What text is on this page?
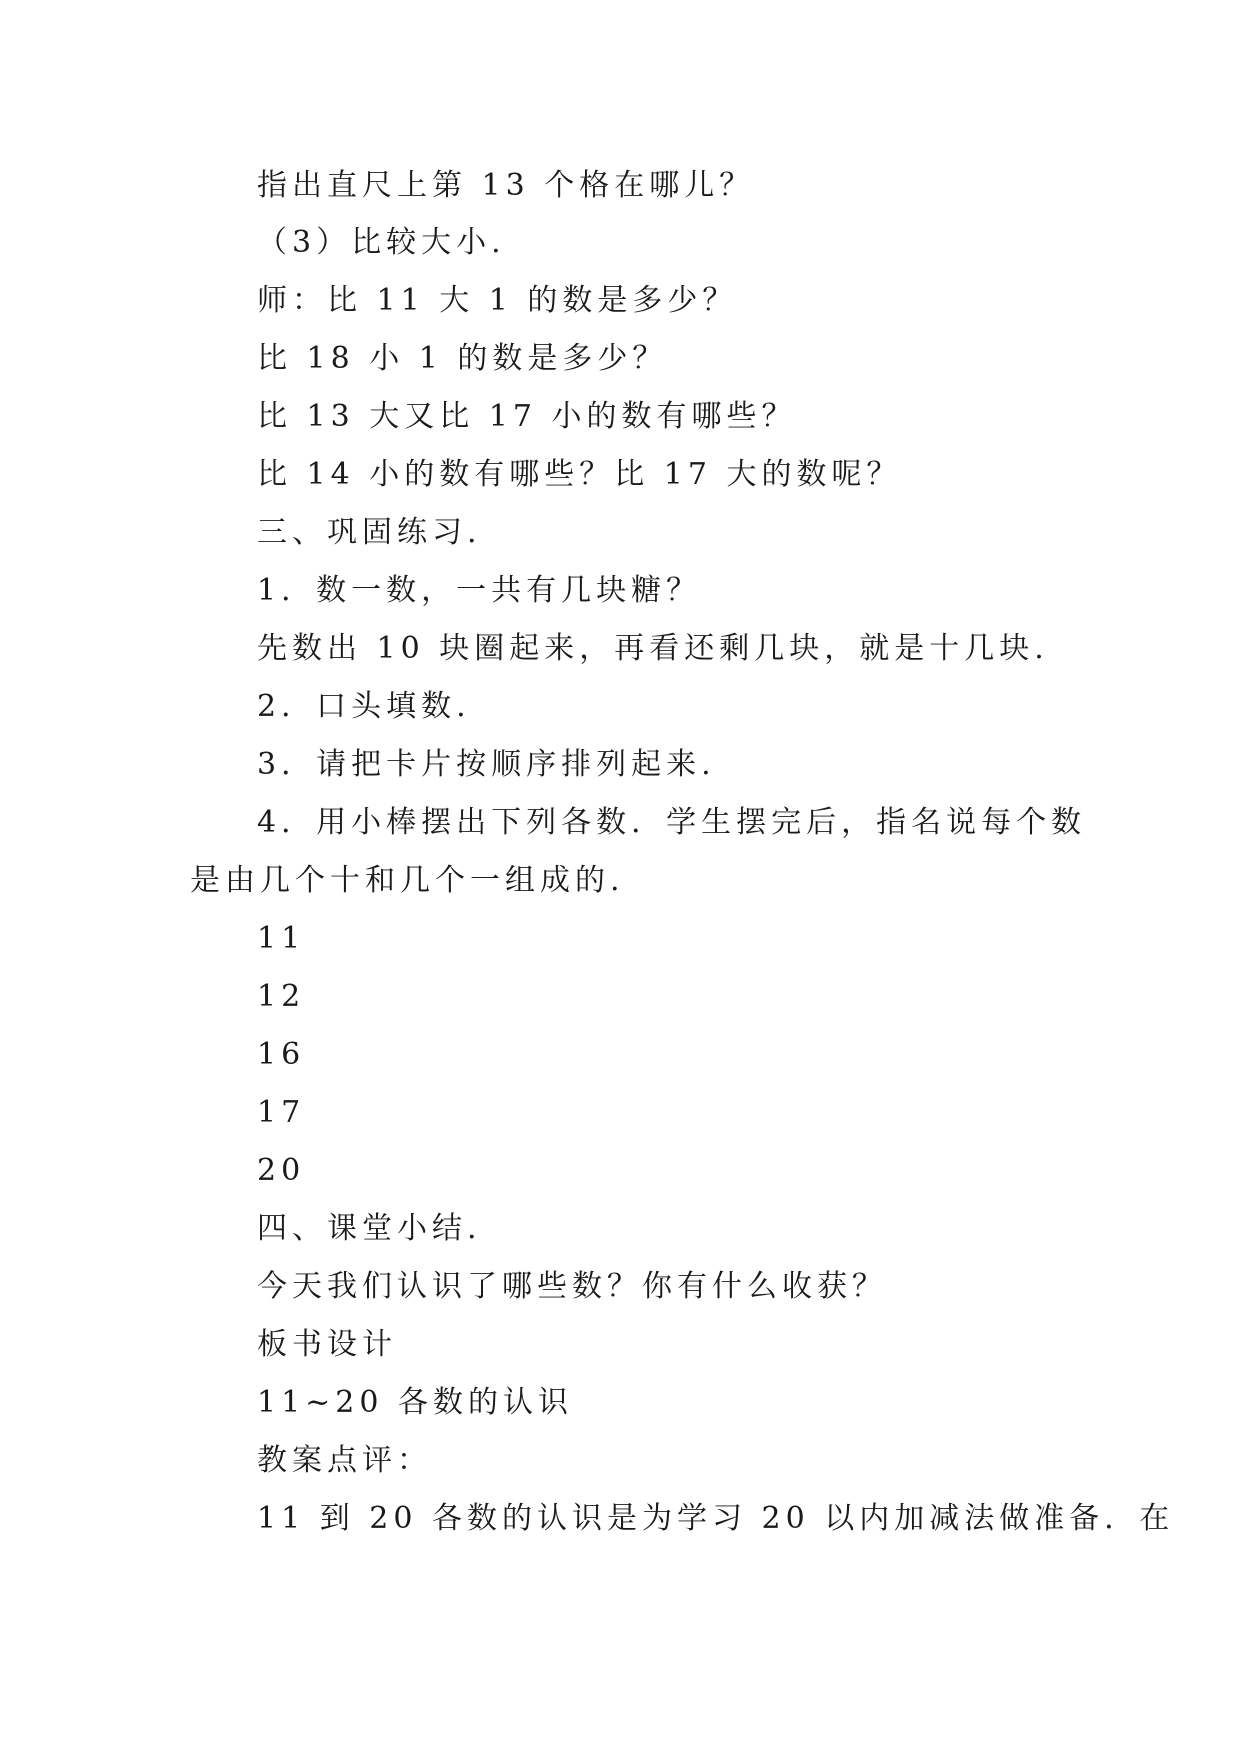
指出直尺上第 13 个格在哪儿？
（3）比较大小.
师：比 11 大 1 的数是多少？
比 18 小 1 的数是多少？
比 13 大又比 17 小的数有哪些？
比 14 小的数有哪些？比 17 大的数呢？
三、巩固练习.
1．数一数，一共有几块糖？
先数出 10 块圈起来，再看还剩几块，就是十几块.
2．口头填数.
3．请把卡片按顺序排列起来.
4．用小棒摆出下列各数．学生摆完后，指名说每个数
是由几个十和几个一组成的.
11
12
16
17
20
四、课堂小结.
今天我们认识了哪些数？你有什么收获？
板书设计
11~20 各数的认识
教案点评：
11 到 20 各数的认识是为学习 20 以内加减法做准备．在
